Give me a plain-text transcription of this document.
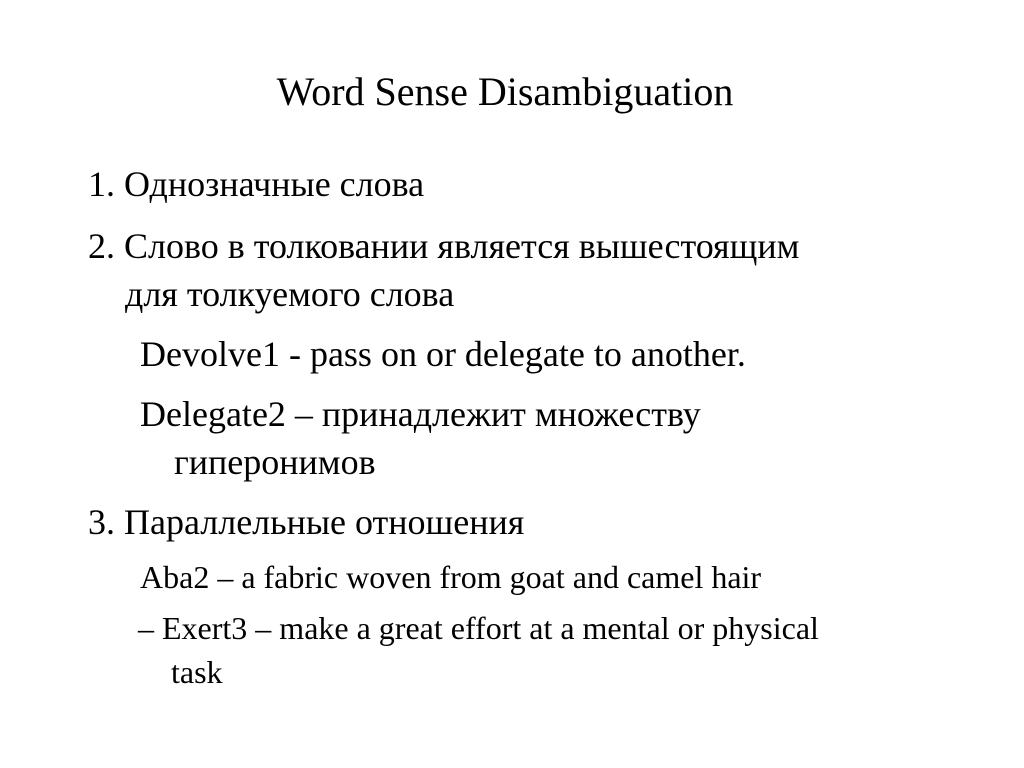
Word Sense Disambiguation
1. Однозначные слова
2. Слово в толковании является вышестоящим
для толкуемого слова
Devolve1 - pass on or delegate to another.
Delegate2 – принадлежит множеству
гиперонимов
3. Параллельные отношения
Aba2 – a fabric woven from goat and camel hair
– Exert3 – make a great effort at a mental or physical
task
